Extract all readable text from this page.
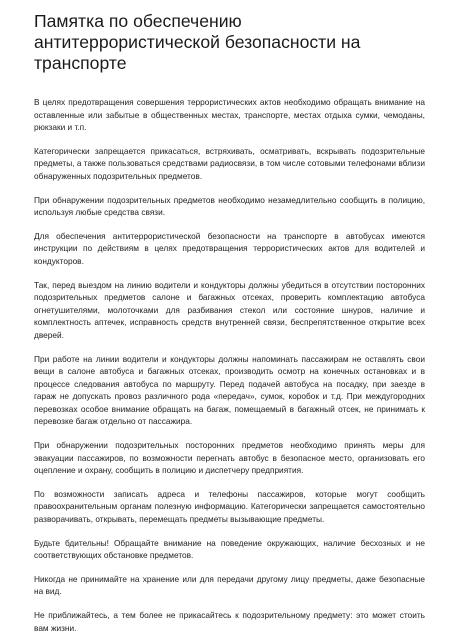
Памятка по обеспечению антитеррористической безопасности на транспорте

В целях предотвращения совершения террористических актов необходимо обращать внимание на оставленные или забытые в общественных местах, транспорте, местах отдыха сумки, чемоданы, рюкзаки и т.п.

Категорически запрещается прикасаться, встряхивать, осматривать, вскрывать подозрительные предметы, а также пользоваться средствами радиосвязи, в том числе сотовыми телефонами вблизи обнаруженных подозрительных предметов.

При обнаружении подозрительных предметов необходимо незамедлительно сообщить в полицию, используя любые средства связи.

Для обеспечения антитеррористической безопасности на транспорте в автобусах имеются инструкции по действиям в целях предотвращения террористических актов для водителей и кондукторов.

Так, перед выездом на линию водители и кондукторы должны убедиться в отсутствии посторонних подозрительных предметов салоне и багажных отсеках, проверить комплектацию автобуса огнетушителями, молоточками для разбивания стекол или состояние шнуров, наличие и комплектность аптечек, исправность средств внутренней связи, беспрепятственное открытие всех дверей.

При работе на линии водители и кондукторы должны напоминать пассажирам не оставлять свои вещи в салоне автобуса и багажных отсеках, производить осмотр на конечных остановках и в процессе следования автобуса по маршруту. Перед подачей автобуса на посадку, при заезде в гараж не допускать провоз различного рода «передач», сумок, коробок и т.д. При междугородних перевозках особое внимание обращать на багаж, помещаемый в багажный отсек, не принимать к перевозке багаж отдельно от пассажира.

При обнаружении подозрительных посторонних предметов необходимо принять меры для эвакуации пассажиров, по возможности перегнать автобус в безопасное место, организовать его оцепление и охрану, сообщить в полицию и диспетчеру предприятия.

По возможности записать адреса и телефоны пассажиров, которые могут сообщить правоохранительным органам полезную информацию. Категорически запрещается самостоятельно разворачивать, открывать, перемещать предметы вызывающие предметы.

Будьте бдительны! Обращайте внимание на поведение окружающих, наличие бесхозных и не соответствующих обстановке предметов.

Никогда не принимайте на хранение или для передачи другому лицу предметы, даже безопасные на вид.

Не приближайтесь, а тем более не прикасайтесь к подозрительному предмету: это может стоить вам жизни.
